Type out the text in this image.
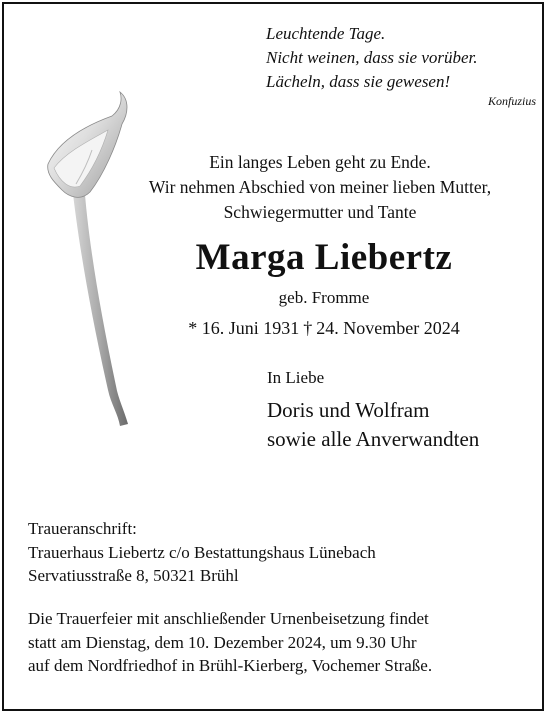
Leuchtende Tage.
Nicht weinen, dass sie vorüber.
Lächeln, dass sie gewesen!
Konfuzius
Ein langes Leben geht zu Ende.
Wir nehmen Abschied von meiner lieben Mutter,
Schwiegermutter und Tante
Marga Liebertz
geb. Fromme
* 16. Juni 1931 † 24. November 2024
In Liebe
Doris und Wolfram
sowie alle Anverwandten
Traueranschrift:
Trauerhaus Liebertz c/o Bestattungshaus Lünebach
Servatiusstraße 8, 50321 Brühl
Die Trauerfeier mit anschließender Urnenbeisetzung findet
statt am Dienstag, dem 10. Dezember 2024, um 9.30 Uhr
auf dem Nordfriedhof in Brühl-Kierberg, Vochemer Straße.
